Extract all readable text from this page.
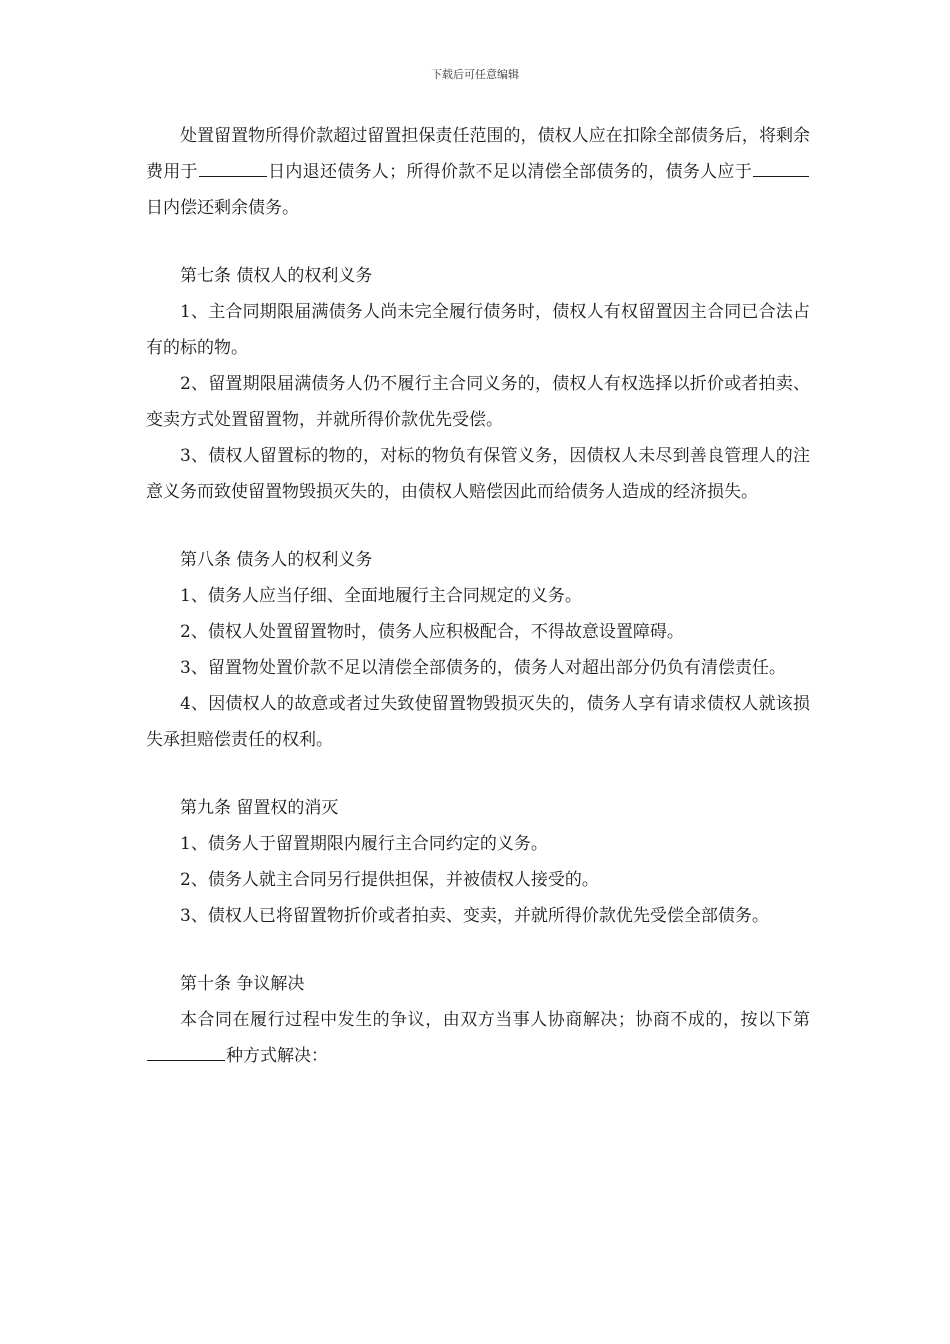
下载后可任意编辑

处置留置物所得价款超过留置担保责任范围的，债权人应在扣除全部债务后，将剩余费用于	日内退还债务人；所得价款不足以清偿全部债务的，债务人应于日内偿还剩余债务。

第七条 债权人的权利义务

1、主合同期限届满债务人尚未完全履行债务时，债权人有权留置因主合同已合法占有的标的物。

2、留置期限届满债务人仍不履行主合同义务的，债权人有权选择以折价或者拍卖、变卖方式处置留置物，并就所得价款优先受偿。

3、债权人留置标的物的，对标的物负有保管义务，因债权人未尽到善良管理人的注意义务而致使留置物毁损灭失的，由债权人赔偿因此而给债务人造成的经济损失。

第八条 债务人的权利义务

1、债务人应当仔细、全面地履行主合同规定的义务。

2、债权人处置留置物时，债务人应积极配合，不得故意设置障碍。

3、留置物处置价款不足以清偿全部债务的，债务人对超出部分仍负有清偿责任。

4、因债权人的故意或者过失致使留置物毁损灭失的，债务人享有请求债权人就该损失承担赔偿责任的权利。

第九条 留置权的消灭

1、债务人于留置期限内履行主合同约定的义务。

2、债务人就主合同另行提供担保，并被债权人接受的。

3、债权人已将留置物折价或者拍卖、变卖，并就所得价款优先受偿全部债务。

第十条 争议解决

本合同在履行过程中发生的争议，由双方当事人协商解决；协商不成的，按以下第种方式解决：
